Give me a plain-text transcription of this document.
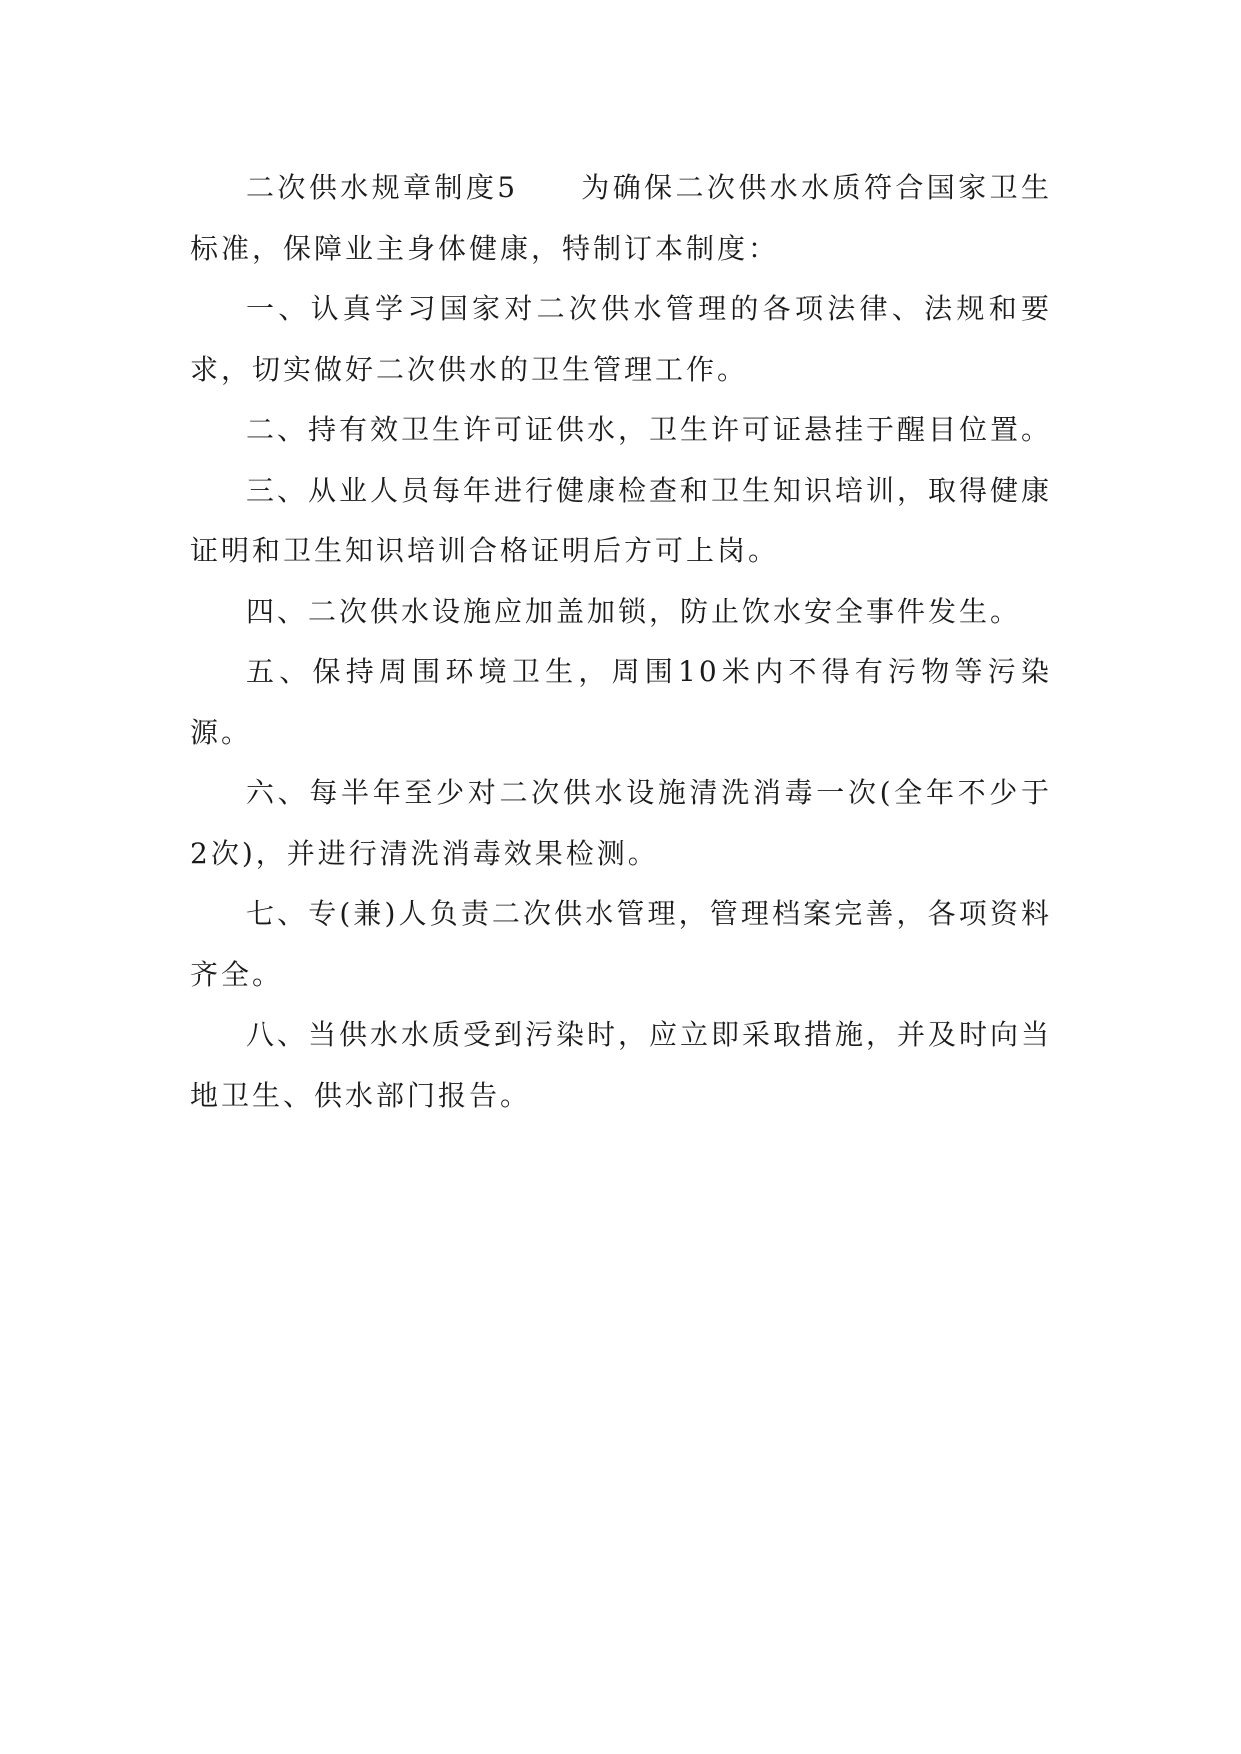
二次供水规章制度5　　为确保二次供水水质符合国家卫生标准，保障业主身体健康，特制订本制度：

一、认真学习国家对二次供水管理的各项法律、法规和要求，切实做好二次供水的卫生管理工作。

二、持有效卫生许可证供水，卫生许可证悬挂于醒目位置。

三、从业人员每年进行健康检查和卫生知识培训，取得健康证明和卫生知识培训合格证明后方可上岗。

四、二次供水设施应加盖加锁，防止饮水安全事件发生。

五、保持周围环境卫生，周围10米内不得有污物等污染源。

六、每半年至少对二次供水设施清洗消毒一次(全年不少于2次)，并进行清洗消毒效果检测。

七、专(兼)人负责二次供水管理，管理档案完善，各项资料齐全。

八、当供水水质受到污染时，应立即采取措施，并及时向当地卫生、供水部门报告。
